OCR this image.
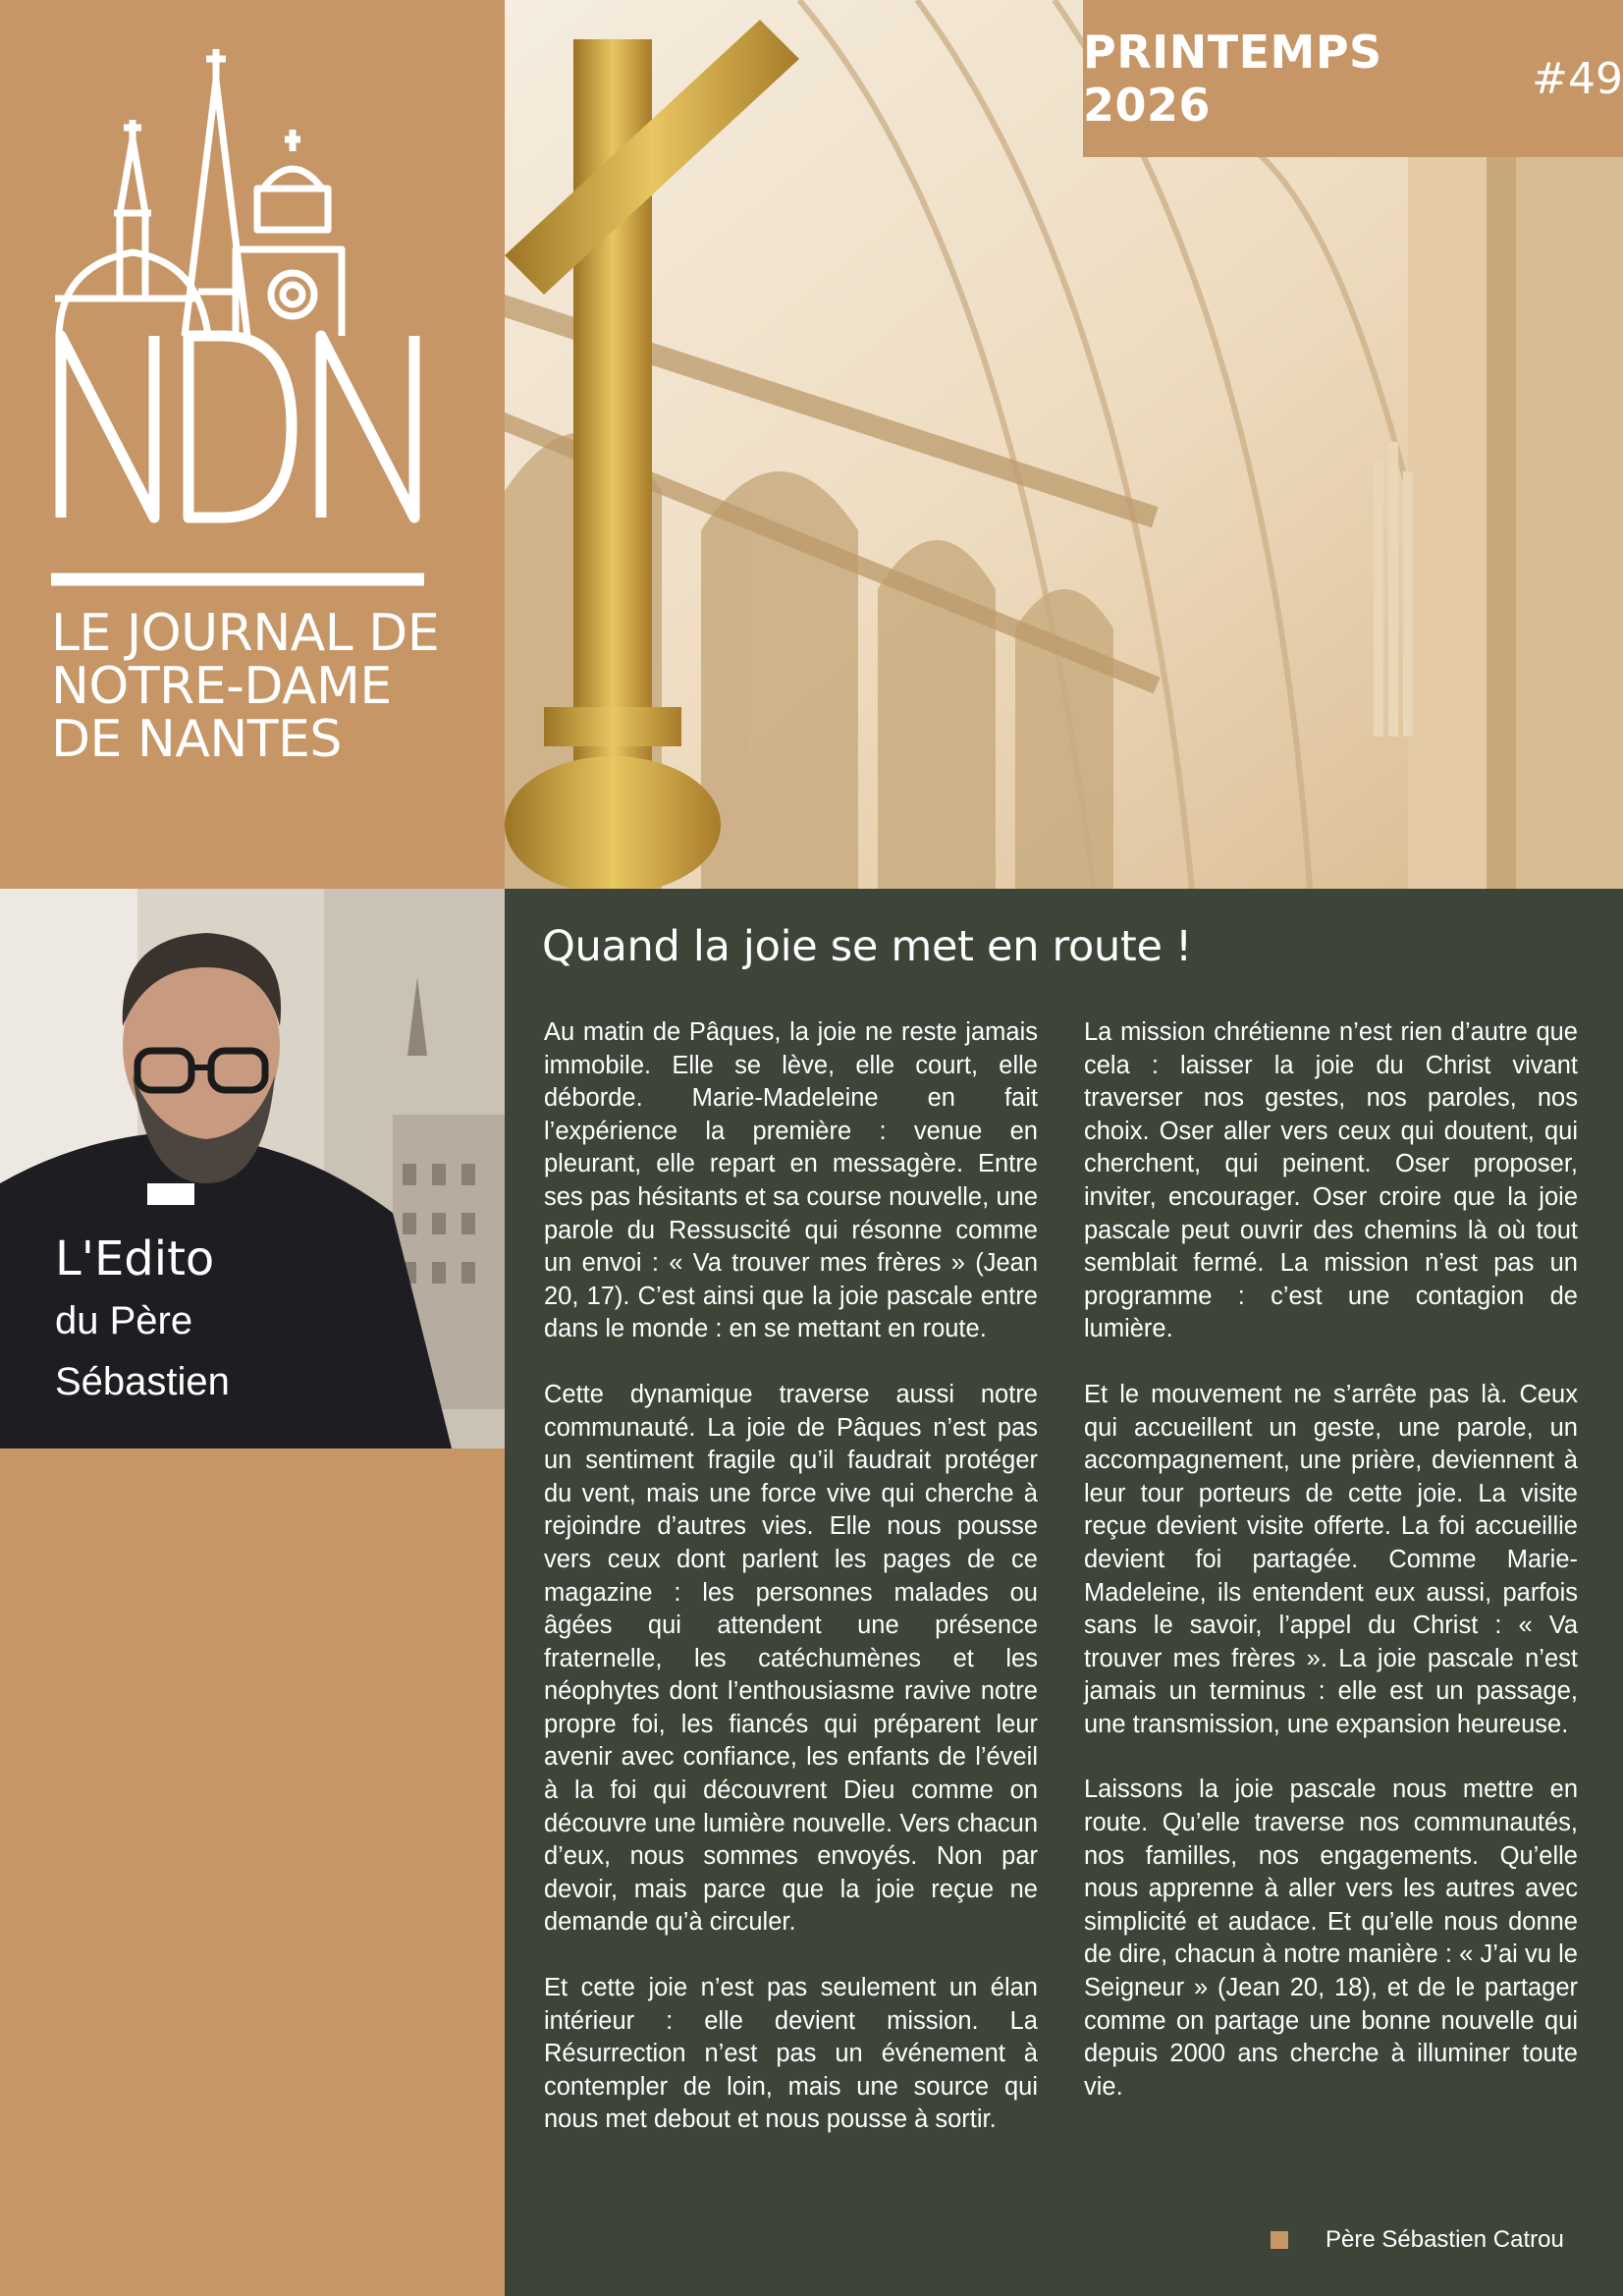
LE JOURNAL DE
NOTRE-DAME
DE NANTES
PRINTEMPS 2026	#49
L'Edito
du Père
Sébastien
Quand la joie se met en route !

Au matin de Pâques, la joie ne reste jamais immobile. Elle se lève, elle court, elle déborde. Marie-Madeleine en fait l’expérience la première : venue en pleurant, elle repart en messagère. Entre ses pas hésitants et sa course nouvelle, une parole du Ressuscité qui résonne comme un envoi : « Va trouver mes frères » (Jean 20, 17). C’est ainsi que la joie pascale entre dans le monde : en se mettant en route.

Cette dynamique traverse aussi notre communauté. La joie de Pâques n’est pas un sentiment fragile qu’il faudrait protéger du vent, mais une force vive qui cherche à rejoindre d’autres vies. Elle nous pousse vers ceux dont parlent les pages de ce magazine : les personnes malades ou âgées qui attendent une présence fraternelle, les catéchumènes et les néophytes dont l’enthousiasme ravive notre propre foi, les fiancés qui préparent leur avenir avec confiance, les enfants de l’éveil à la foi qui découvrent Dieu comme on découvre une lumière nouvelle. Vers chacun d’eux, nous sommes envoyés. Non par devoir, mais parce que la joie reçue ne demande qu’à circuler.

Et cette joie n’est pas seulement un élan intérieur : elle devient mission. La Résurrection n’est pas un événement à contempler de loin, mais une source qui nous met debout et nous pousse à sortir.

La mission chrétienne n’est rien d’autre que cela : laisser la joie du Christ vivant traverser nos gestes, nos paroles, nos choix. Oser aller vers ceux qui doutent, qui cherchent, qui peinent. Oser proposer, inviter, encourager. Oser croire que la joie pascale peut ouvrir des chemins là où tout semblait fermé. La mission n’est pas un programme : c’est une contagion de lumière.

Et le mouvement ne s’arrête pas là. Ceux qui accueillent un geste, une parole, un accompagnement, une prière, deviennent à leur tour porteurs de cette joie. La visite reçue devient visite offerte. La foi accueillie devient foi partagée. Comme Marie-Madeleine, ils entendent eux aussi, parfois sans le savoir, l’appel du Christ : « Va trouver mes frères ». La joie pascale n’est jamais un terminus : elle est un passage, une transmission, une expansion heureuse.

Laissons la joie pascale nous mettre en route. Qu’elle traverse nos communautés, nos familles, nos engagements. Qu’elle nous apprenne à aller vers les autres avec simplicité et audace. Et qu’elle nous donne de dire, chacun à notre manière : « J’ai vu le Seigneur » (Jean 20, 18), et de le partager comme on partage une bonne nouvelle qui depuis 2000 ans cherche à illuminer toute vie.

Père Sébastien Catrou
